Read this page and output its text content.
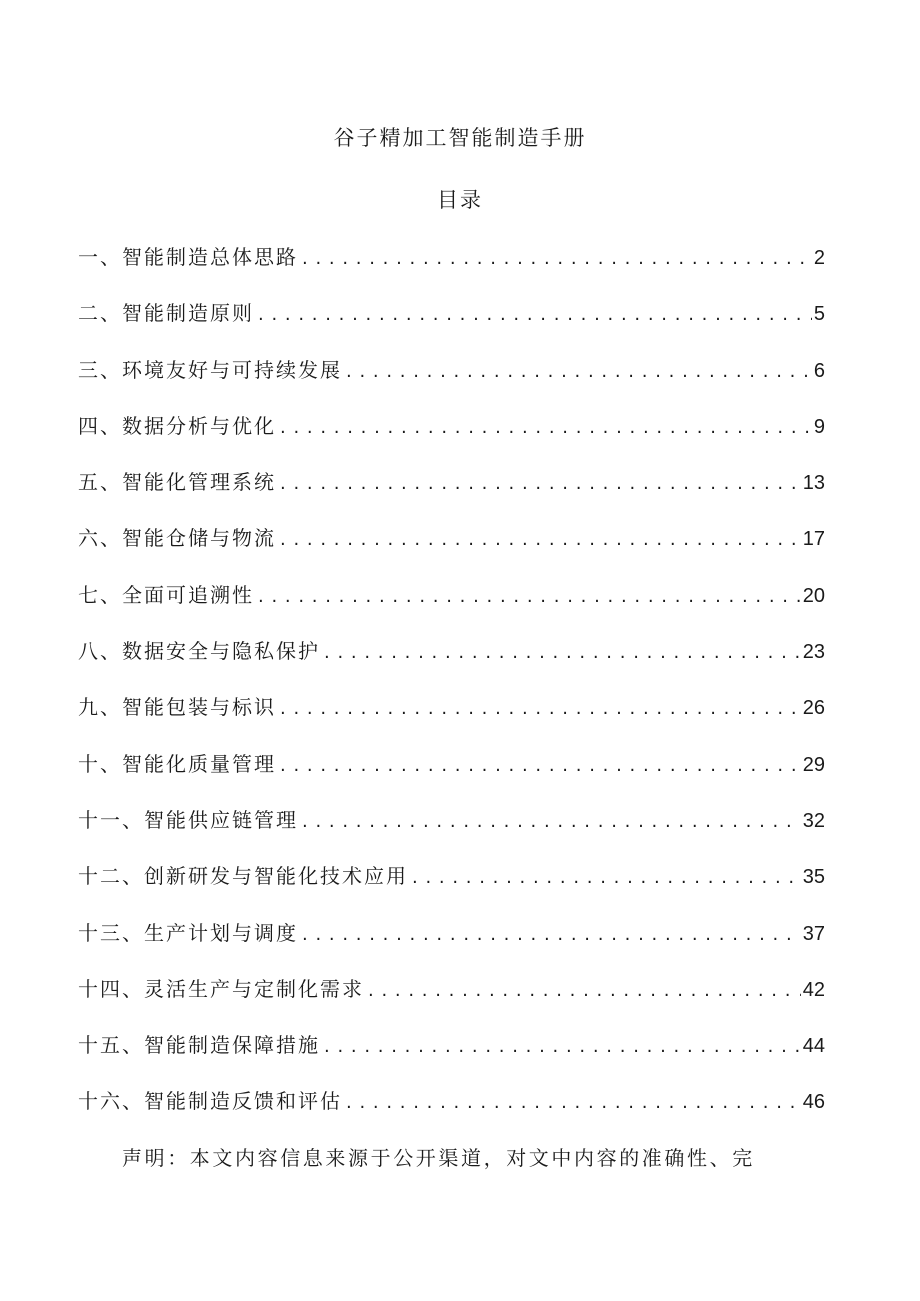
谷子精加工智能制造手册
目录
一、智能制造总体思路 . . .	2
二、智能制造原则 . . .	5
三、环境友好与可持续发展 . . .	6
四、数据分析与优化 . . .	9
五、智能化管理系统 . . .	13
六、智能仓储与物流 . . .	17
七、全面可追溯性 . . .	20
八、数据安全与隐私保护 . . .	23
九、智能包装与标识 . . .	26
十、智能化质量管理 . . .	29
十一、智能供应链管理 . . .	32
十二、创新研发与智能化技术应用 . . .	35
十三、生产计划与调度 . . .	37
十四、灵活生产与定制化需求 . . .	42
十五、智能制造保障措施 . . .	44
十六、智能制造反馈和评估 . . .	46

声明：本文内容信息来源于公开渠道，对文中内容的准确性、完
